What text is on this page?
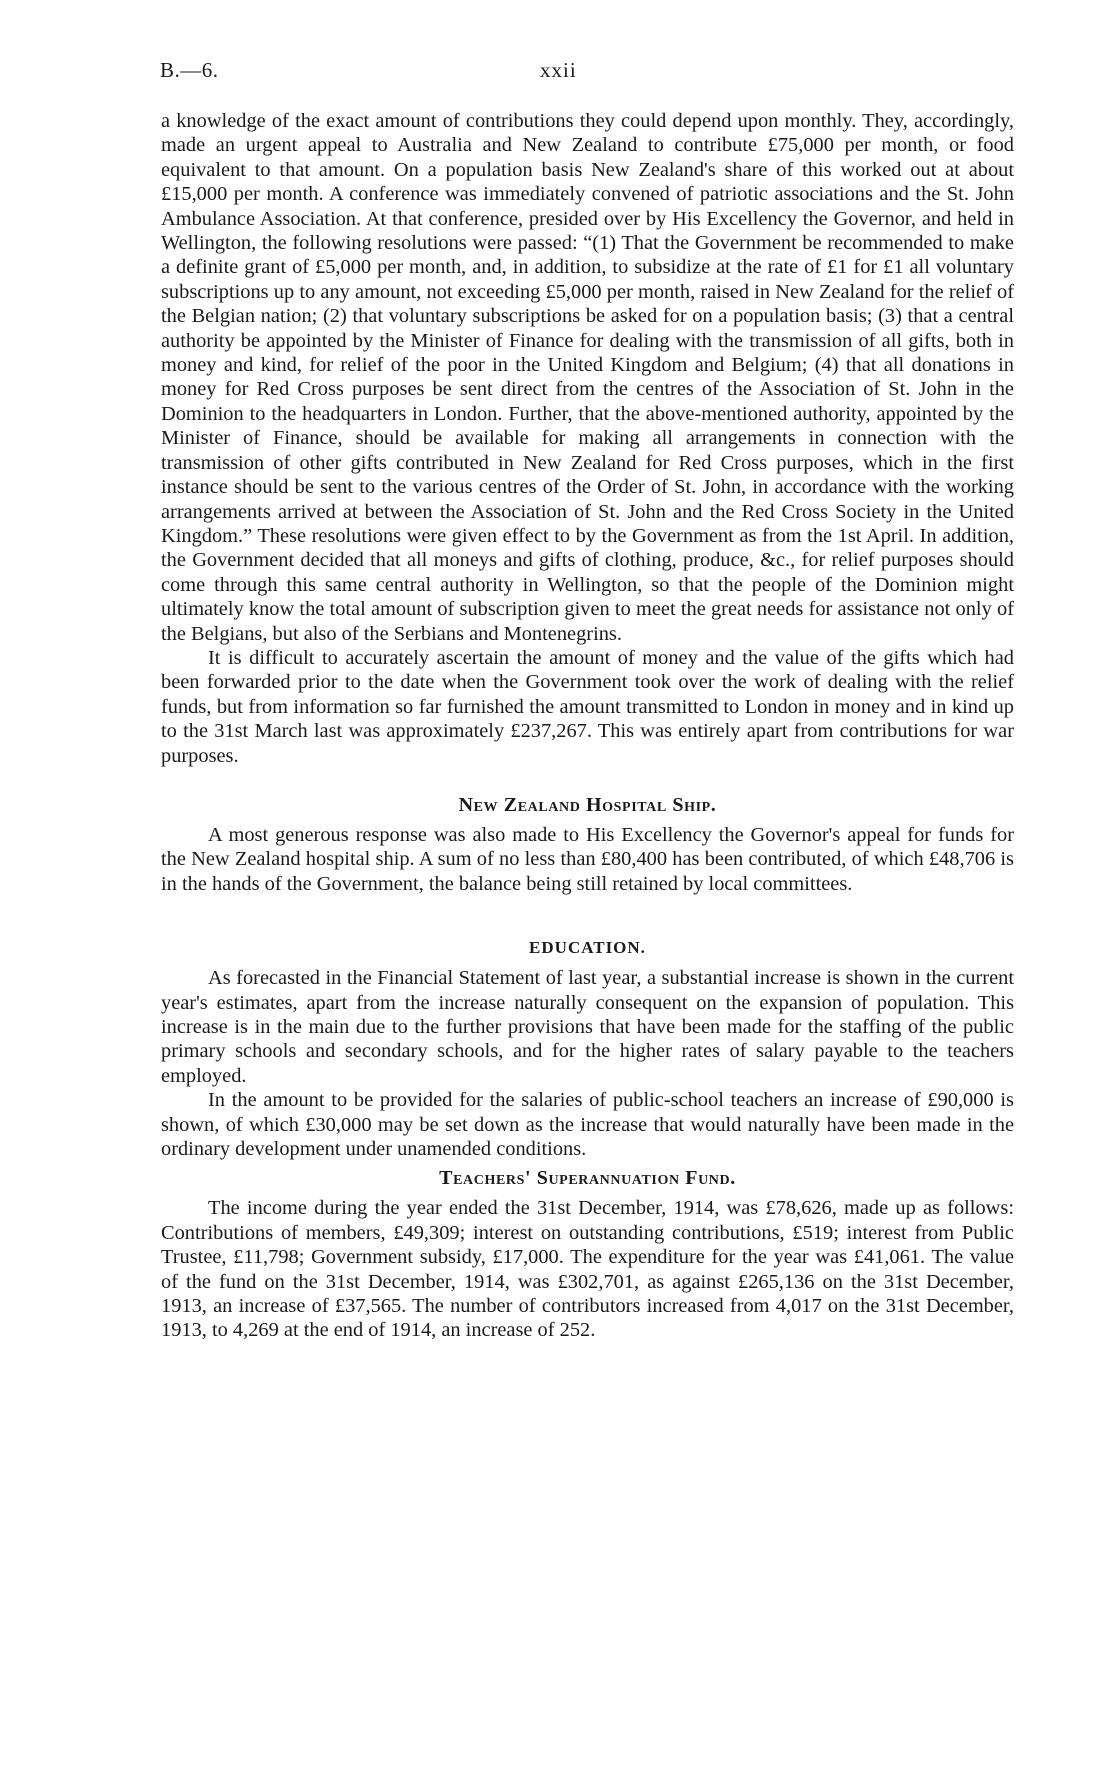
B.—6.	xxii

a knowledge of the exact amount of contributions they could depend upon monthly. They, accordingly, made an urgent appeal to Australia and New Zealand to contribute £75,000 per month, or food equivalent to that amount. On a population basis New Zealand's share of this worked out at about £15,000 per month. A conference was immediately convened of patriotic associations and the St. John Ambulance Association. At that conference, presided over by His Excellency the Governor, and held in Wellington, the following resolutions were passed: “(1) That the Government be recommended to make a definite grant of £5,000 per month, and, in addition, to subsidize at the rate of £1 for £1 all voluntary subscriptions up to any amount, not exceeding £5,000 per month, raised in New Zealand for the relief of the Belgian nation; (2) that voluntary subscriptions be asked for on a population basis; (3) that a central authority be appointed by the Minister of Finance for dealing with the transmission of all gifts, both in money and kind, for relief of the poor in the United Kingdom and Belgium; (4) that all donations in money for Red Cross purposes be sent direct from the centres of the Association of St. John in the Dominion to the headquarters in London. Further, that the above-mentioned authority, appointed by the Minister of Finance, should be available for making all arrangements in connection with the transmission of other gifts contributed in New Zealand for Red Cross purposes, which in the first instance should be sent to the various centres of the Order of St. John, in accordance with the working arrangements arrived at between the Association of St. John and the Red Cross Society in the United Kingdom.” These resolutions were given effect to by the Government as from the 1st April. In addition, the Government decided that all moneys and gifts of clothing, produce, &c., for relief purposes should come through this same central authority in Wellington, so that the people of the Dominion might ultimately know the total amount of subscription given to meet the great needs for assistance not only of the Belgians, but also of the Serbians and Montenegrins.

It is difficult to accurately ascertain the amount of money and the value of the gifts which had been forwarded prior to the date when the Government took over the work of dealing with the relief funds, but from information so far furnished the amount transmitted to London in money and in kind up to the 31st March last was approximately £237,267. This was entirely apart from contributions for war purposes.

New Zealand Hospital Ship.

A most generous response was also made to His Excellency the Governor's appeal for funds for the New Zealand hospital ship. A sum of no less than £80,400 has been contributed, of which £48,706 is in the hands of the Government, the balance being still retained by local committees.

EDUCATION.

As forecasted in the Financial Statement of last year, a substantial increase is shown in the current year's estimates, apart from the increase naturally consequent on the expansion of population. This increase is in the main due to the further provisions that have been made for the staffing of the public primary schools and secondary schools, and for the higher rates of salary payable to the teachers employed.

In the amount to be provided for the salaries of public-school teachers an increase of £90,000 is shown, of which £30,000 may be set down as the increase that would naturally have been made in the ordinary development under unamended conditions.

Teachers' Superannuation Fund.

The income during the year ended the 31st December, 1914, was £78,626, made up as follows: Contributions of members, £49,309; interest on outstanding contributions, £519; interest from Public Trustee, £11,798; Government subsidy, £17,000. The expenditure for the year was £41,061. The value of the fund on the 31st December, 1914, was £302,701, as against £265,136 on the 31st December, 1913, an increase of £37,565. The number of contributors increased from 4,017 on the 31st December, 1913, to 4,269 at the end of 1914, an increase of 252.
